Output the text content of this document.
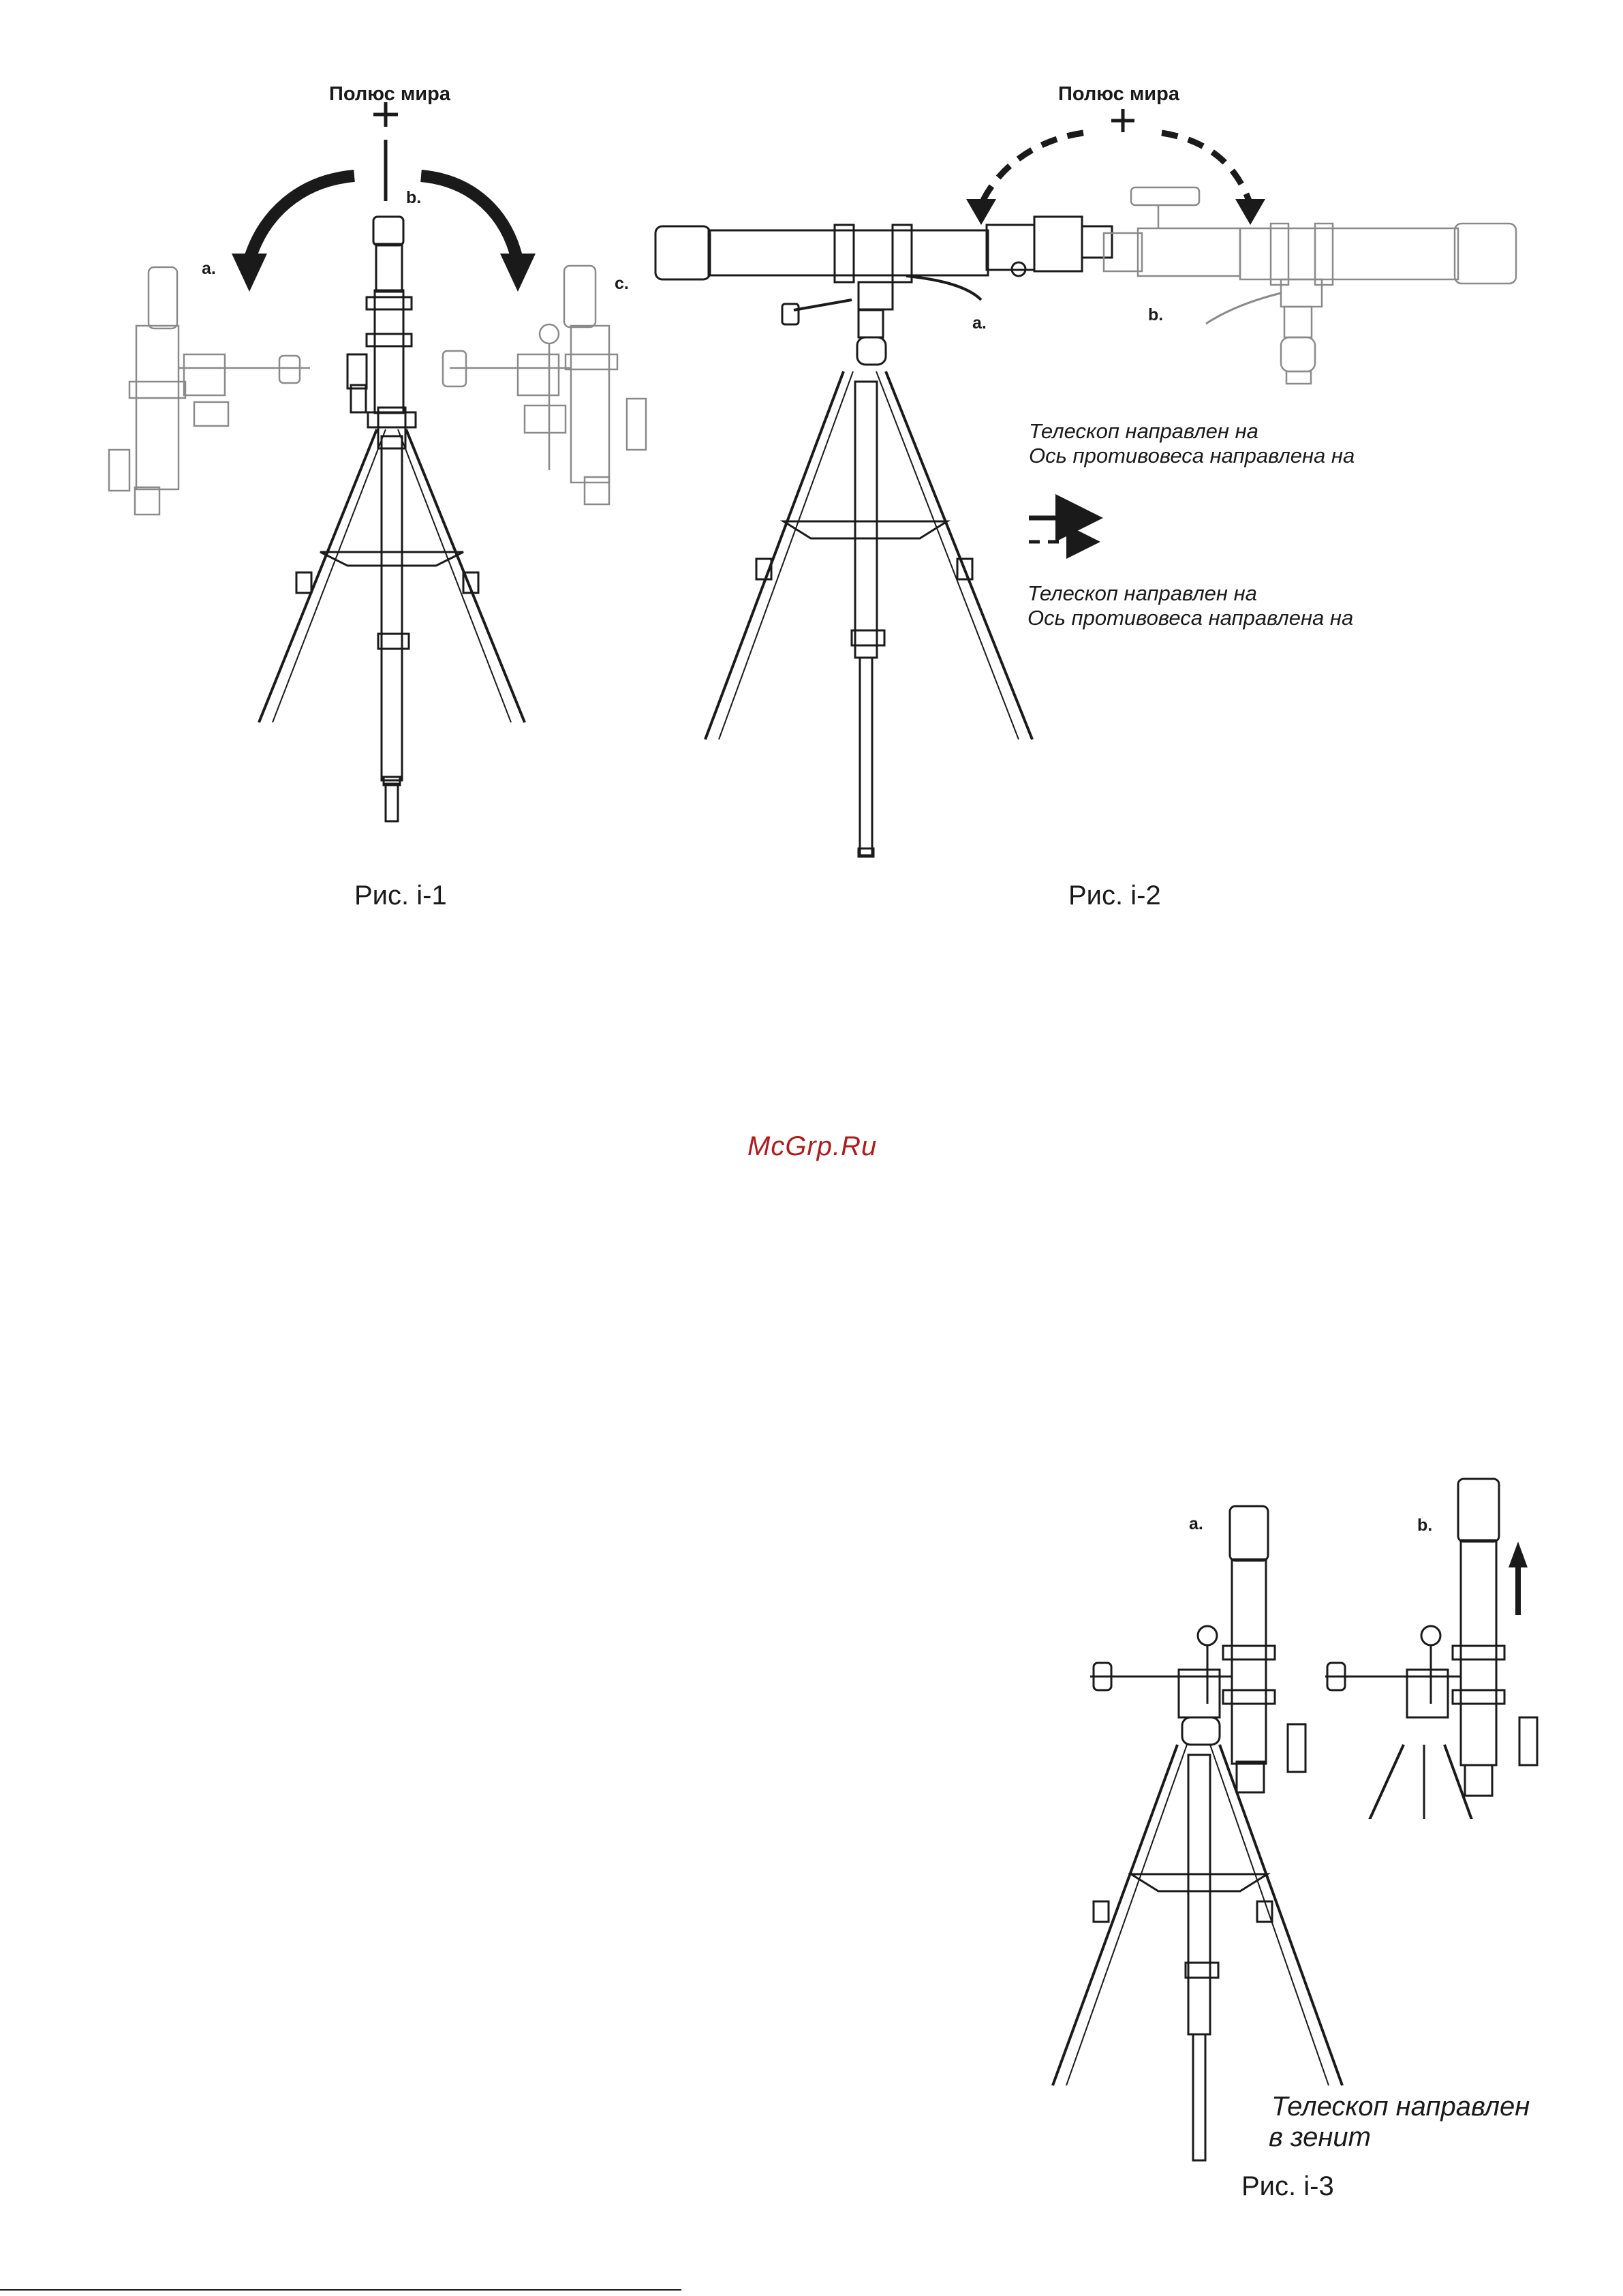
Полюс мира
a.
b.
c.
Рис. i-1
Полюс мира
a.	b.
Телескоп направлен на
Ось противовеса направлена на
Телескоп направлен на
Ось противовеса направлена на
Рис. i-2
McGrp.Ru
a.	b.
Телескоп направлен
в зенит
Рис. i-3
